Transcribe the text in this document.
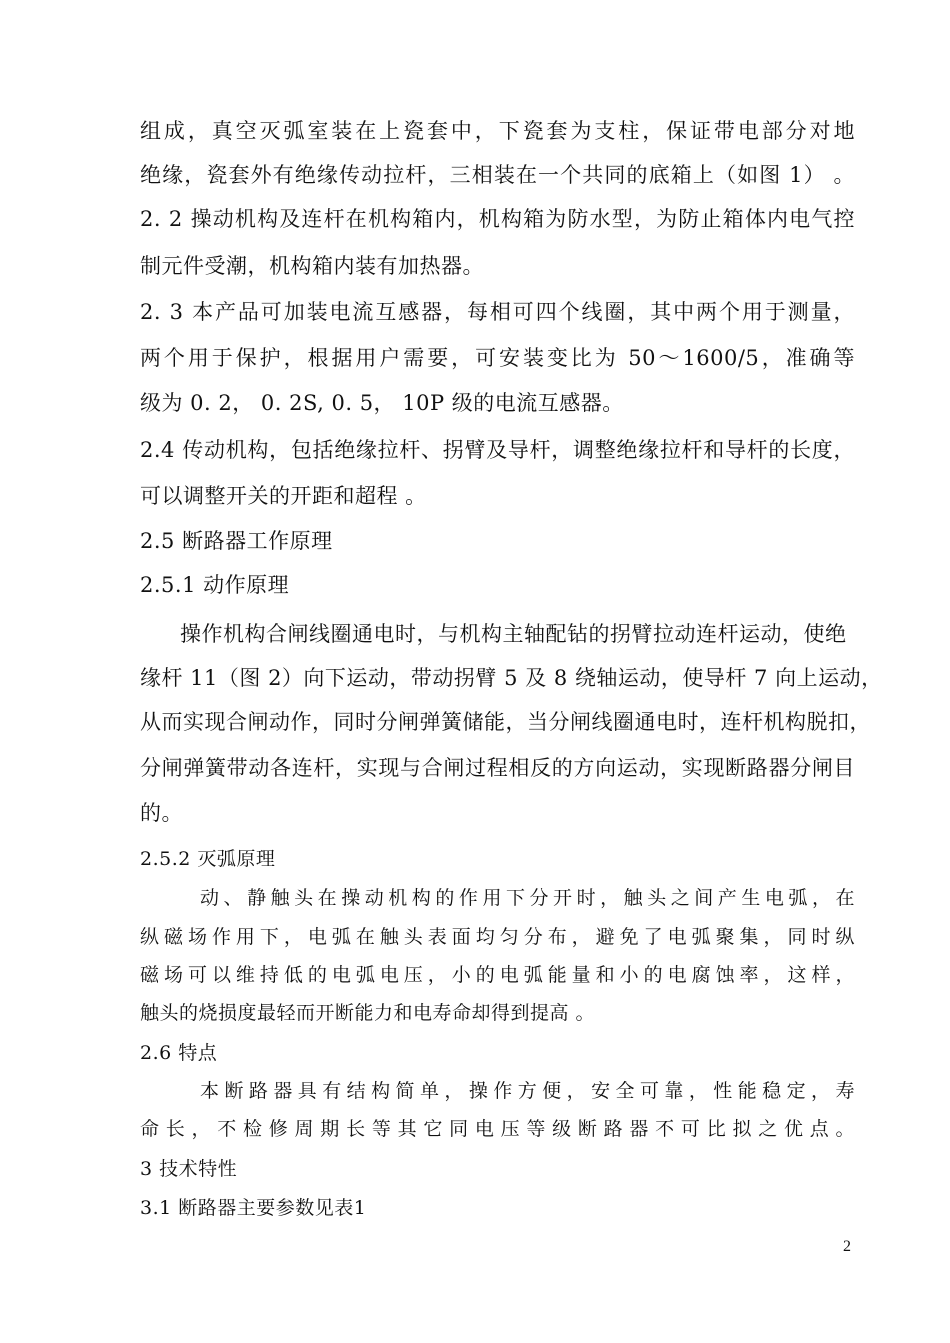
组成，真空灭弧室装在上瓷套中，下瓷套为支柱，保证带电部分对地
绝缘，瓷套外有绝缘传动拉杆，三相装在一个共同的底箱上（如图 1） 。
2. 2 操动机构及连杆在机构箱内，机构箱为防水型，为防止箱体内电气控
制元件受潮，机构箱内装有加热器。
2. 3 本产品可加装电流互感器，每相可四个线圈，其中两个用于测量，
两个用于保护，根据用户需要，可安装变比为 50～1600/5，准确等
级为 0. 2， 0. 2S, 0. 5， 10P 级的电流互感器。
2.4 传动机构，包括绝缘拉杆、拐臂及导杆，调整绝缘拉杆和导杆的长度，
可以调整开关的开距和超程 。
2.5 断路器工作原理
2.5.1 动作原理
操作机构合闸线圈通电时，与机构主轴配钻的拐臂拉动连杆运动，使绝
缘杆 11（图 2）向下运动，带动拐臂 5 及 8 绕轴运动，使导杆 7 向上运动，
从而实现合闸动作，同时分闸弹簧储能，当分闸线圈通电时，连杆机构脱扣，
分闸弹簧带动各连杆，实现与合闸过程相反的方向运动，实现断路器分闸目
的。
2.5.2 灭弧原理
动、静触头在操动机构的作用下分开时，触头之间产生电弧，在
纵磁场作用下，电弧在触头表面均匀分布，避免了电弧聚集，同时纵
磁场可以维持低的电弧电压，小的电弧能量和小的电腐蚀率，这样，
触头的烧损度最轻而开断能力和电寿命却得到提高 。
2.6 特点
本断路器具有结构简单，操作方便，安全可靠，性能稳定，寿
命长，不检修周期长等其它同电压等级断路器不可比拟之优点。
3 技术特性
3.1 断路器主要参数见表1
2
